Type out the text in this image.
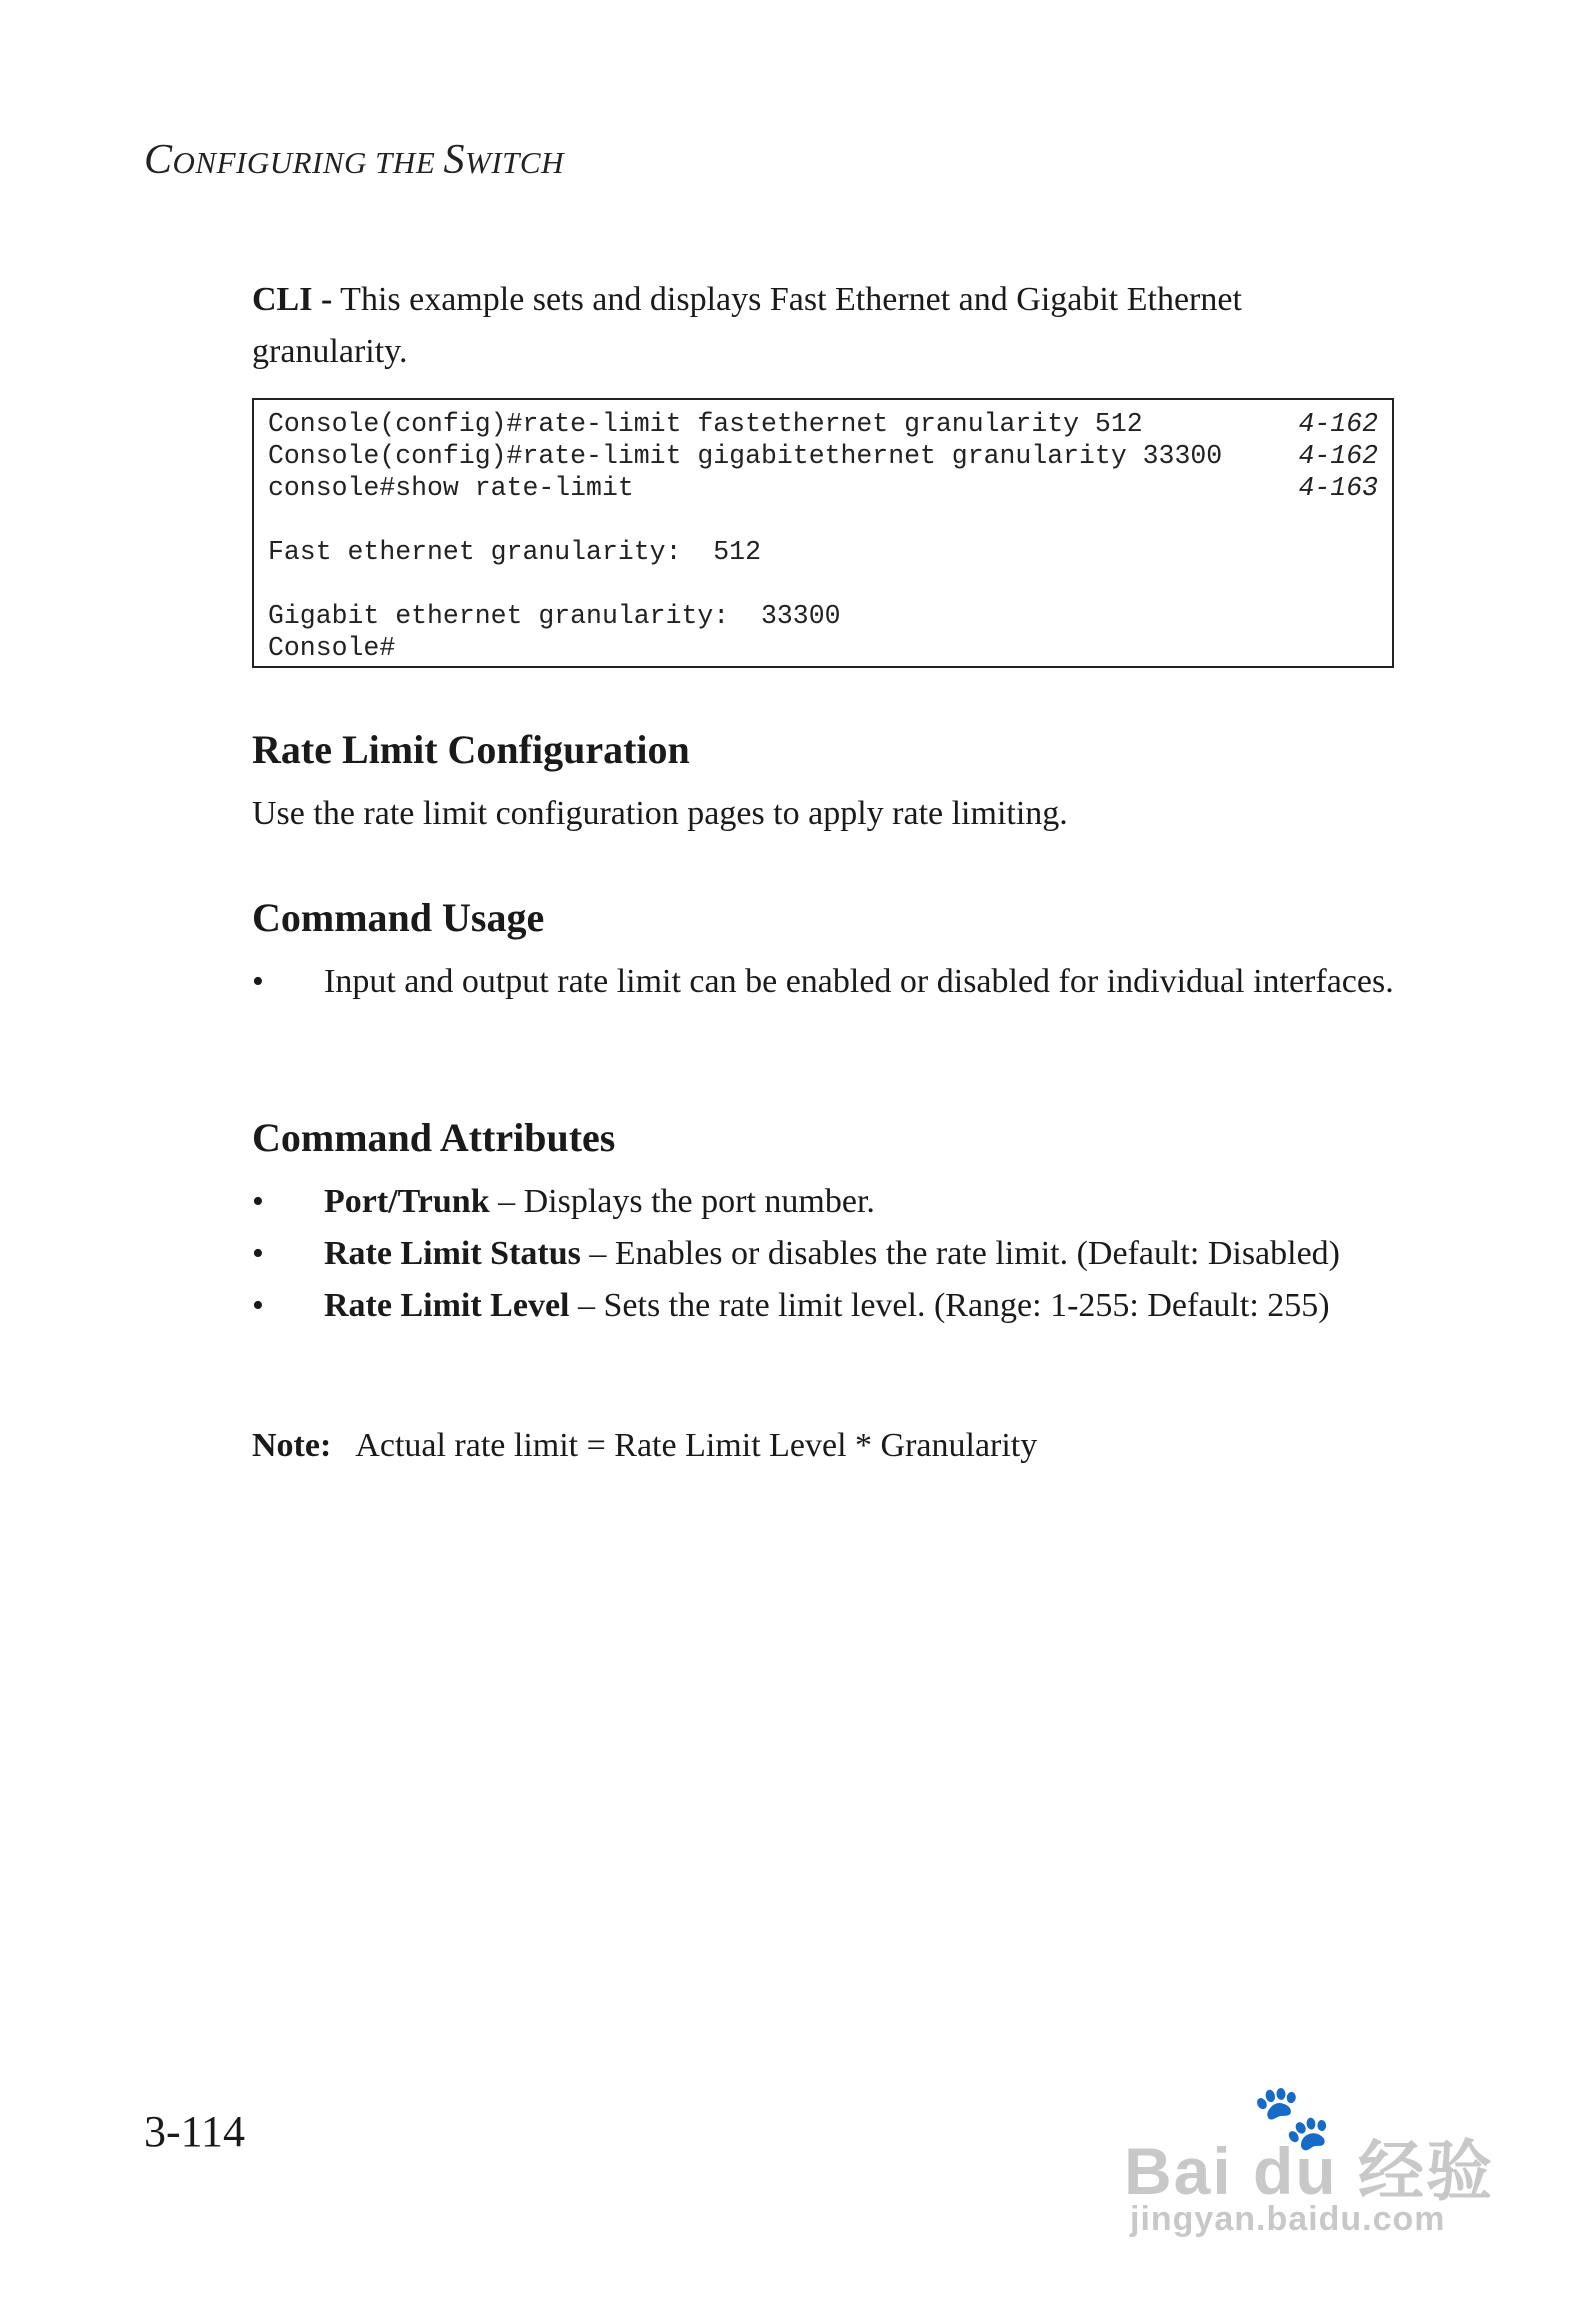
CONFIGURING THE SWITCH
CLI - This example sets and displays Fast Ethernet and Gigabit Ethernet granularity.
Console(config)#rate-limit fastethernet granularity 512	4-162
Console(config)#rate-limit gigabitethernet granularity 33300	4-162
console#show rate-limit	4-163
Fast ethernet granularity:  512
Gigabit ethernet granularity:  33300
Console#
Rate Limit Configuration
Use the rate limit configuration pages to apply rate limiting.
Command Usage
• Input and output rate limit can be enabled or disabled for individual interfaces.
Command Attributes
• Port/Trunk – Displays the port number.
• Rate Limit Status – Enables or disables the rate limit. (Default: Disabled)
• Rate Limit Level – Sets the rate limit level. (Range: 1-255: Default: 255)
Note: Actual rate limit = Rate Limit Level * Granularity
3-114	🐾
Bai du 经验
jingyan.baidu.com
